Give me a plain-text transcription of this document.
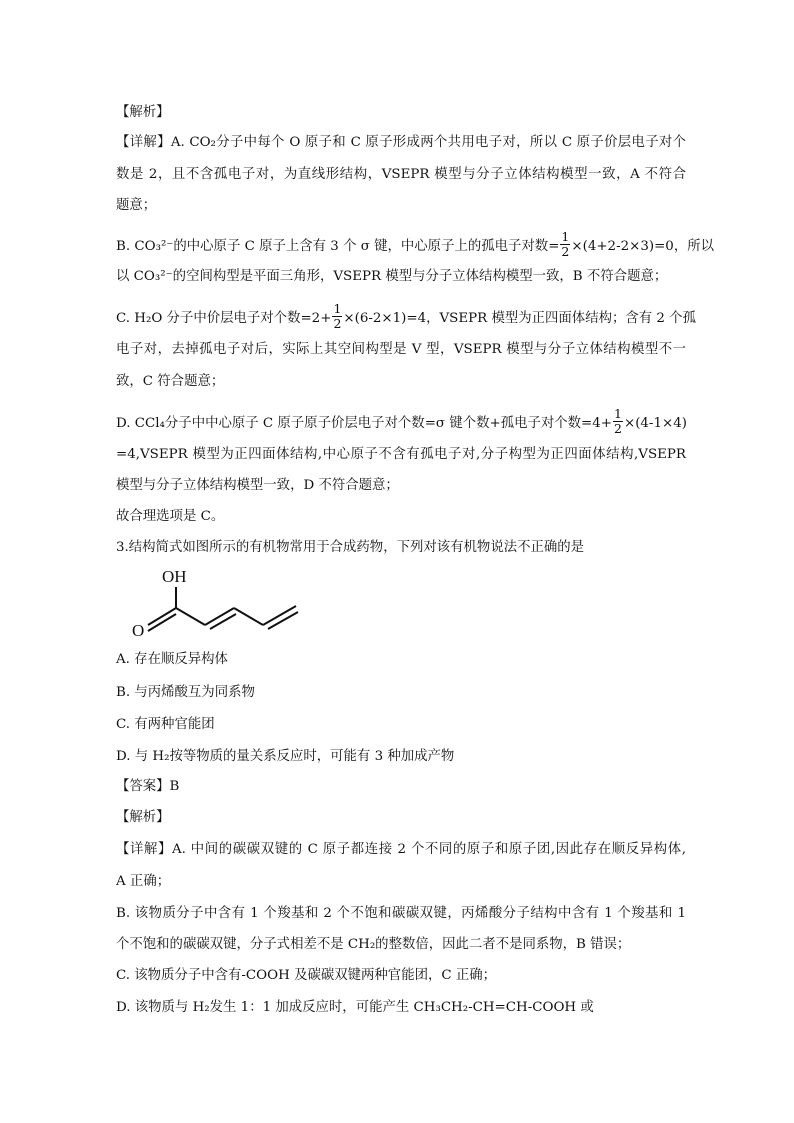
【解析】
【详解】A. CO₂分子中每个 O 原子和 C 原子形成两个共用电子对，所以 C 原子价层电子对个
数是 2，且不含孤电子对，为直线形结构，VSEPR 模型与分子立体结构模型一致，A 不符合
题意；
B. CO₃²⁻的中心原子 C 原子上含有 3 个 σ 键，中心原子上的孤电子对数= $\frac{1}{2} \times(4+2-2\times 3)=0$，所以
以 CO₃²⁻的空间构型是平面三角形，VSEPR 模型与分子立体结构模型一致，B 不符合题意；
C. H₂O 分子中价层电子对个数$=2+ \frac{1}{2} \times(6-2\times 1)=4$，VSEPR 模型为正四面体结构；含有 2 个孤
电子对，去掉孤电子对后，实际上其空间构型是 V 型，VSEPR 模型与分子立体结构模型不一
致，C 符合题意；
D. CCl₄分子中中心原子 C 原子原子价层电子对个数=σ 键个数+孤电子对个数$=4+ \frac{1}{2} \times(4-1\times 4)$
=4,VSEPR 模型为正四面体结构,中心原子不含有孤电子对,分子构型为正四面体结构,VSEPR
模型与分子立体结构模型一致，D 不符合题意；
故合理选项是 C。
3.结构简式如图所示的有机物常用于合成药物，下列对该有机物说法不正确的是
OH
O
A. 存在顺反异构体
B. 与丙烯酸互为同系物
C. 有两种官能团
D. 与 H₂按等物质的量关系反应时，可能有 3 种加成产物
【答案】B
【解析】
【详解】A. 中间的碳碳双键的 C 原子都连接 2 个不同的原子和原子团,因此存在顺反异构体,
A 正确；
B. 该物质分子中含有 1 个羧基和 2 个不饱和碳碳双键，丙烯酸分子结构中含有 1 个羧基和 1
个不饱和的碳碳双键，分子式相差不是 CH₂的整数倍，因此二者不是同系物，B 错误；
C. 该物质分子中含有-COOH 及碳碳双键两种官能团，C 正确；
D. 该物质与 H₂发生 1：1 加成反应时，可能产生 CH₃CH₂-CH=CH-COOH 或
